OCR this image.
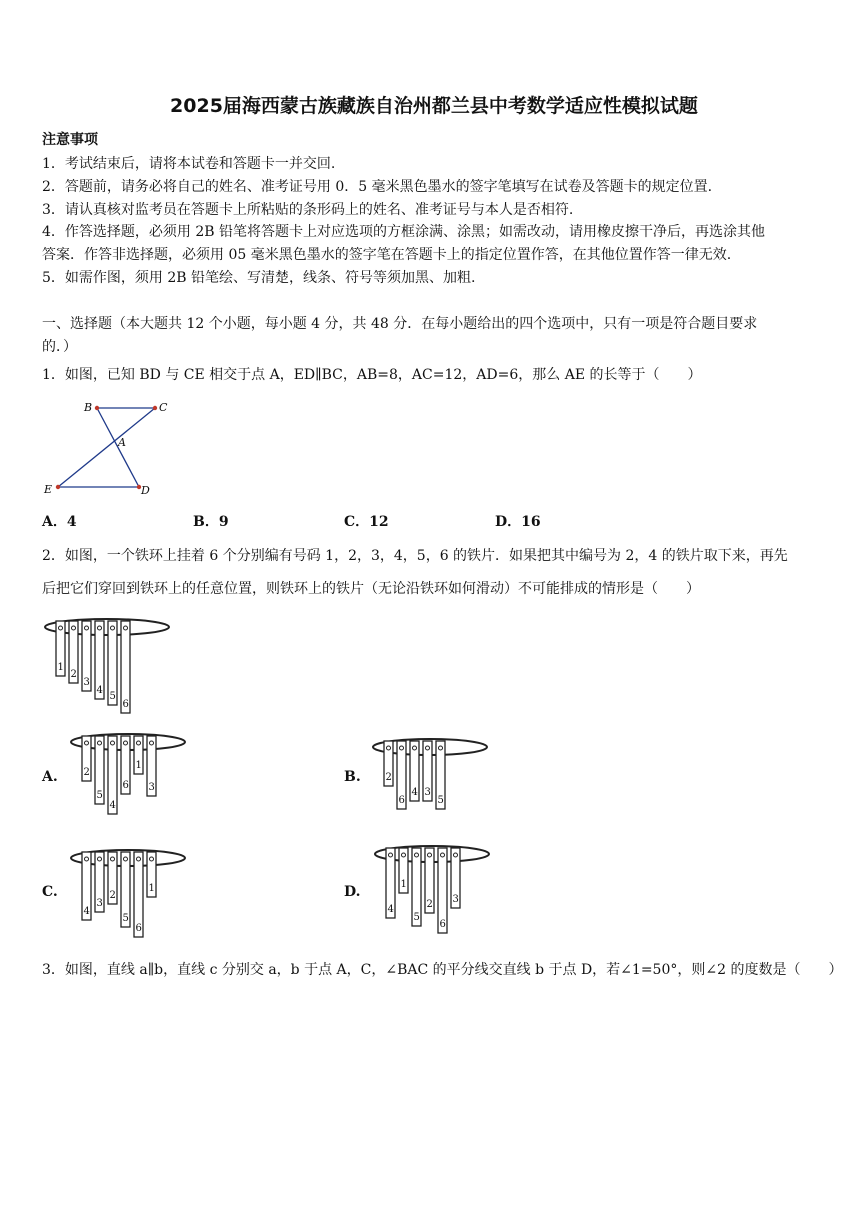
2025届海西蒙古族藏族自治州都兰县中考数学适应性模拟试题
注意事项
1．考试结束后，请将本试卷和答题卡一并交回.
2．答题前，请务必将自己的姓名、准考证号用 0．5 毫米黑色墨水的签字笔填写在试卷及答题卡的规定位置.
3．请认真核对监考员在答题卡上所粘贴的条形码上的姓名、准考证号与本人是否相符.
4．作答选择题，必须用 2B 铅笔将答题卡上对应选项的方框涂满、涂黑；如需改动，请用橡皮擦干净后，再选涂其他
答案．作答非选择题，必须用 05 毫米黑色墨水的签字笔在答题卡上的指定位置作答，在其他位置作答一律无效.
5．如需作图，须用 2B 铅笔绘、写清楚，线条、符号等须加黑、加粗.
一、选择题（本大题共 12 个小题，每小题 4 分，共 48 分．在每小题给出的四个选项中，只有一项是符合题目要求
的．）
1．如图，已知 BD 与 CE 相交于点 A，ED∥BC，AB=8，AC=12，AD=6，那么 AE 的长等于（　　）
B	C
A
E	D
A．4	B．9	C．12	D．16
2．如图，一个铁环上挂着 6 个分别编有号码 1，2，3，4，5，6 的铁片．如果把其中编号为 2，4 的铁片取下来，再先
后把它们穿回到铁环上的任意位置，则铁环上的铁片（无论沿铁环如何滑动）不可能排成的情形是（　　）
1
2
3
4
5
6
A.	2
5
4
6
1
3
B. 2
6
4 3
5
C.
4
3
2
5
6
1	D.
4
1
5
2
6
3
3．如图，直线 a∥b，直线 c 分别交 a，b 于点 A，C，∠BAC 的平分线交直线 b 于点 D，若∠1=50°，则∠2 的度数是（　　）
